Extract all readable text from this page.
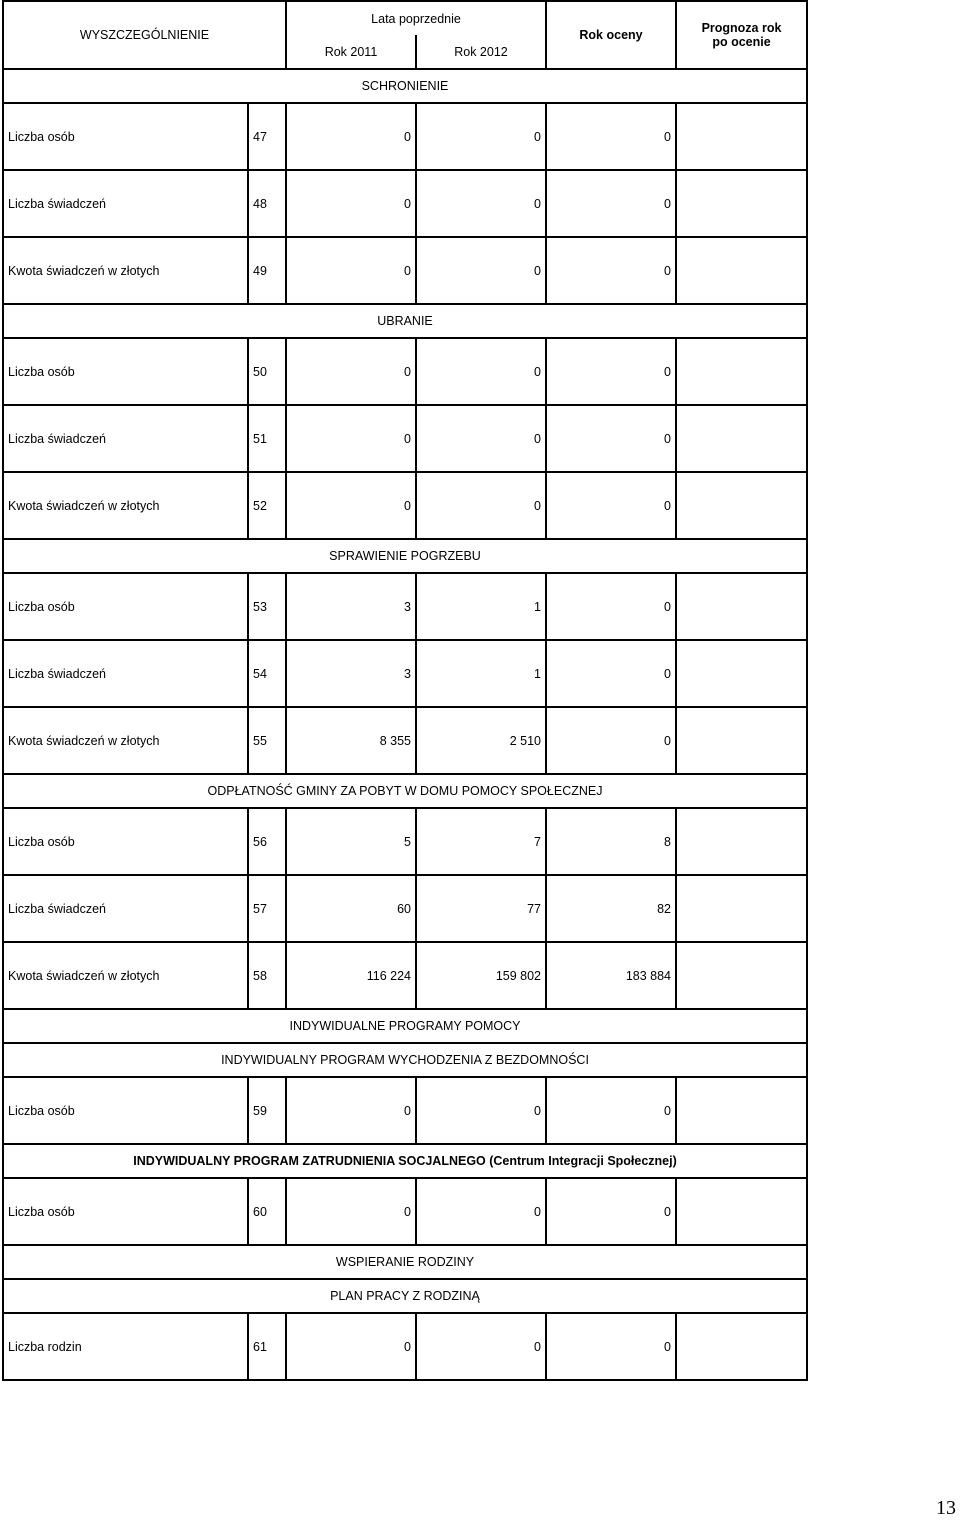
WYSZCZEGÓLNIENIE		Lata poprzednie		Rok oceny	Prognoza rok
po ocenie
		Rok 2011	Rok 2012		
SCHRONIENIE					
Liczba osób	47	0	0	0	
Liczba świadczeń	48	0	0	0	
Kwota świadczeń w złotych	49	0	0	0	
UBRANIE					
Liczba osób	50	0	0	0	
Liczba świadczeń	51	0	0	0	
Kwota świadczeń w złotych	52	0	0	0	
SPRAWIENIE POGRZEBU					
Liczba osób	53	3	1	0	
Liczba świadczeń	54	3	1	0	
Kwota świadczeń w złotych	55	8 355	2 510	0	
ODPŁATNOŚĆ GMINY ZA POBYT W DOMU POMOCY SPOŁECZNEJ					
Liczba osób	56	5	7	8	
Liczba świadczeń	57	60	77	82	
Kwota świadczeń w złotych	58	116 224	159 802	183 884	
INDYWIDUALNE PROGRAMY POMOCY					
INDYWIDUALNY PROGRAM WYCHODZENIA Z BEZDOMNOŚCI					
Liczba osób	59	0	0	0	
INDYWIDUALNY PROGRAM ZATRUDNIENIA SOCJALNEGO (Centrum Integracji Społecznej)					
Liczba osób	60	0	0	0	
WSPIERANIE RODZINY					
PLAN PRACY Z RODZINĄ					
Liczba rodzin	61	0	0	0	
13
